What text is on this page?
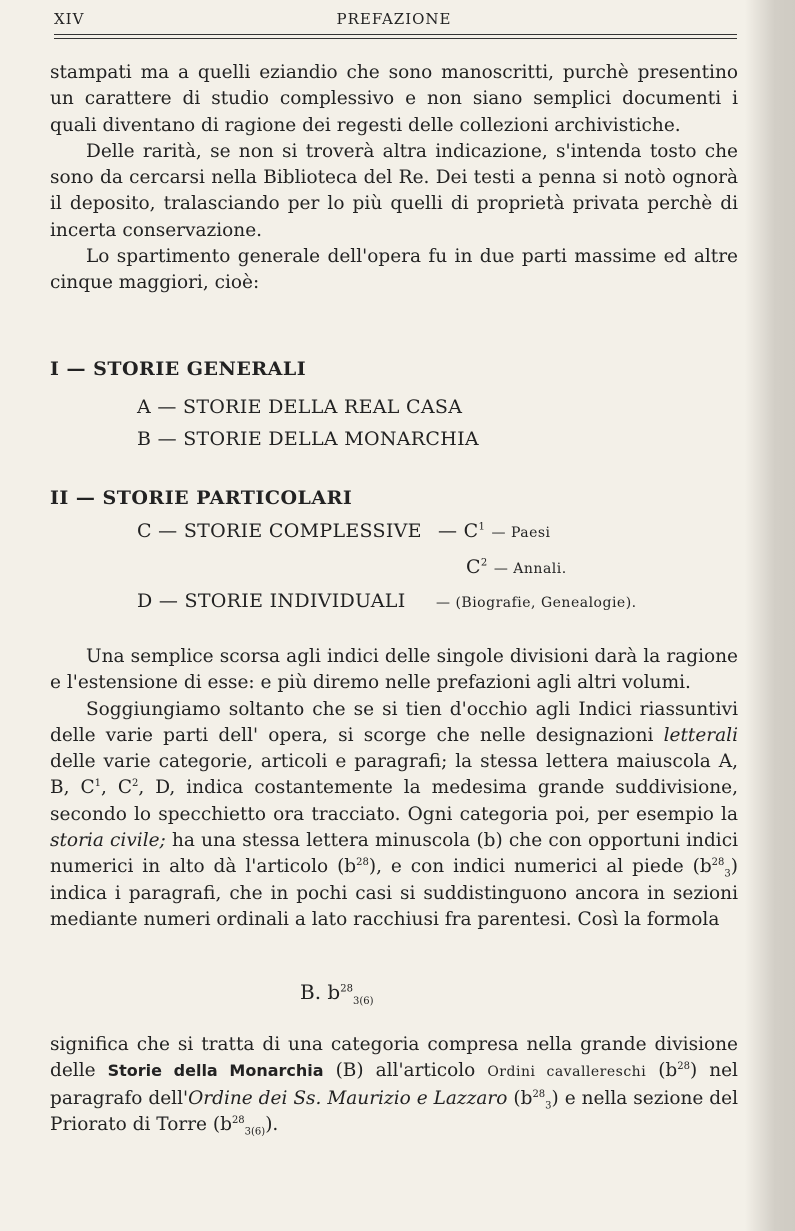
XIV	PREFAZIONE

stampati ma a quelli eziandio che sono manoscritti, purchè presentino un carattere di studio complessivo e non siano semplici documenti i quali diventano di ragione dei regesti delle collezioni archivistiche.

Delle rarità, se non si troverà altra indicazione, s'intenda tosto che sono da cercarsi nella Biblioteca del Re. Dei testi a penna si notò ognorà il deposito, tralasciando per lo più quelli di proprietà privata perchè di incerta conservazione.

Lo spartimento generale dell'opera fu in due parti massime ed altre cinque maggiori, cioè:

I — STORIE GENERALI
A — STORIE DELLA REAL CASA
B — STORIE DELLA MONARCHIA
II — STORIE PARTICOLARI
C — STORIE COMPLESSIVE — $C^1$ — Paesi
$C^2$ — Annali.
D — STORIE INDIVIDUALI — (Biografie, Genealogie).

Una semplice scorsa agli indici delle singole divisioni darà la ragione e l'estensione di esse: e più diremo nelle prefazioni agli altri volumi.

Soggiungiamo soltanto che se si tien d'occhio agli Indici riassuntivi delle varie parti dell' opera, si scorge che nelle designazioni letterali delle varie categorie, articoli e paragrafi; la stessa lettera maiuscola A, B, $C^1$, $C^2$, D, indica costantemente la medesima grande suddivisione, secondo lo specchietto ora tracciato. Ogni categoria poi, per esempio la storia civile; ha una stessa lettera minuscola (b) che con opportuni indici numerici in alto dà l'articolo $(b^{28})$, e con indici numerici al piede $(b^{28}_3)$ indica i paragrafi, che in pochi casi si suddistinguono ancora in sezioni mediante numeri ordinali a lato racchiusi fra parentesi. Così la formola

B. $b^{28}_{3(6)}$

significa che si tratta di una categoria compresa nella grande divisione delle Storie della Monarchia (B) all'articolo Ordini cavallereschi $(b^{28})$ nel paragrafo dell'Ordine dei Ss. Maurizio e Lazzaro $(b^{28}_3)$ e nella sezione del Priorato di Torre $(b^{28}_{3(6)})$.
